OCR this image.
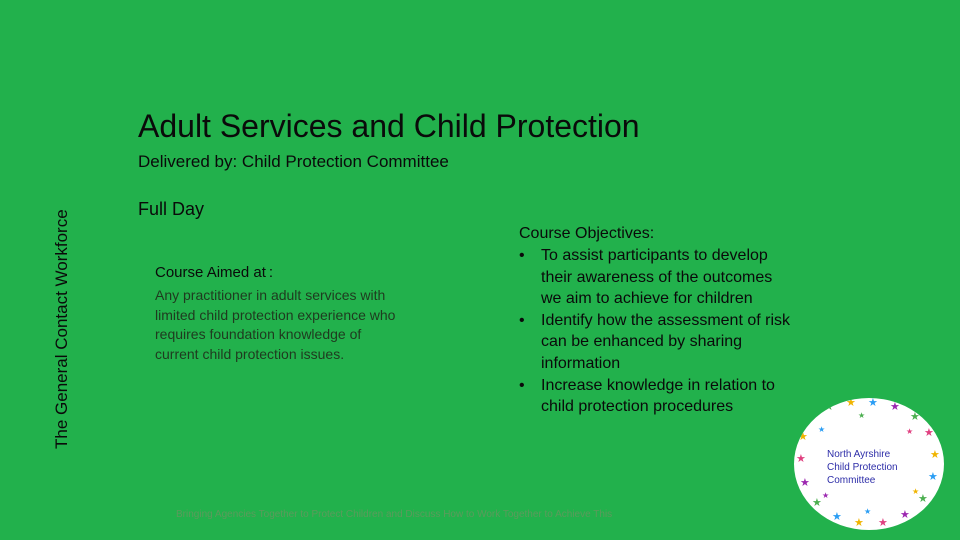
The General Contact Workforce
Adult Services and Child Protection
Delivered by: Child Protection Committee
Full Day
Course Aimed at :
Any practitioner in adult services with limited child protection experience who requires foundation knowledge of current child protection issues.
Course Objectives:
• To assist participants to develop their awareness of the outcomes we aim to achieve for children
• Identify how the assessment of risk can be enhanced by sharing information
• Increase knowledge in relation to child protection procedures
★
★ ★ ★ ★
★
★
★
★
★
★
★
★
★
★
★
★
★
★	★
★
★
★
★
North Ayrshire
Child Protection
Committee
Bringing Agencies Together to Protect Children and Discuss How to Work Together to Achieve This
